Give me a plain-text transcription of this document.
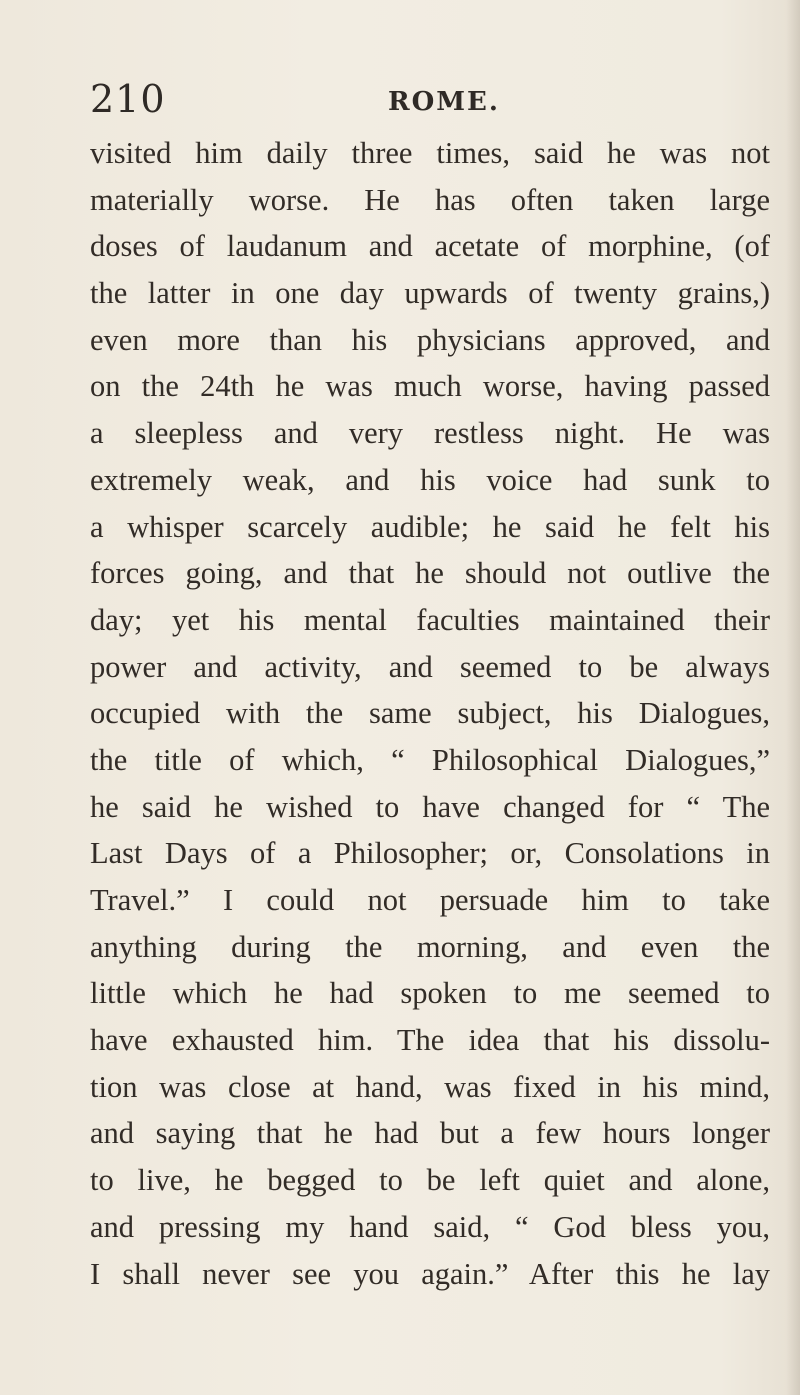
210	ROME.
visited him daily three times, said he was not
materially worse. He has often taken large
doses of laudanum and acetate of morphine, (of
the latter in one day upwards of twenty grains,)
even more than his physicians approved, and
on the 24th he was much worse, having passed
a sleepless and very restless night. He was
extremely weak, and his voice had sunk to
a whisper scarcely audible; he said he felt his
forces going, and that he should not outlive the
day; yet his mental faculties maintained their
power and activity, and seemed to be always
occupied with the same subject, his Dialogues,
the title of which, “ Philosophical Dialogues,”
he said he wished to have changed for “ The
Last Days of a Philosopher; or, Consolations in
Travel.” I could not persuade him to take
anything during the morning, and even the
little which he had spoken to me seemed to
have exhausted him. The idea that his dissolu-
tion was close at hand, was fixed in his mind,
and saying that he had but a few hours longer
to live, he begged to be left quiet and alone,
and pressing my hand said, “ God bless you,
I shall never see you again.” After this he lay
